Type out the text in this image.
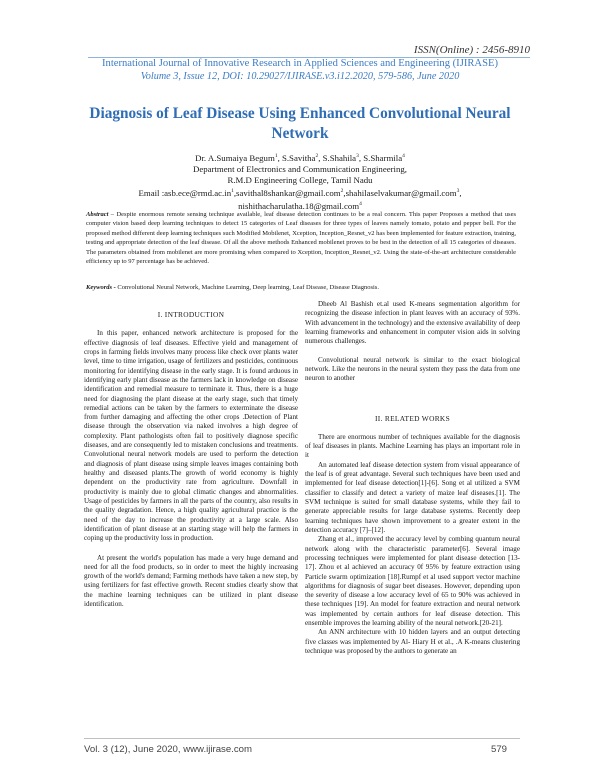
ISSN(Online) : 2456-8910
International Journal of Innovative Research in Applied Sciences and Engineering (IJIRASE)
Volume 3, Issue 12, DOI: 10.29027/IJIRASE.v3.i12.2020, 579-586, June 2020
Diagnosis of Leaf Disease Using Enhanced Convolutional Neural Network
Dr. A.Sumaiya Begum$^1$, S.Savitha$^2$, S.Shahila$^3$, S.Sharmila$^4$
Department of Electronics and Communication Engineering,
R.M.D Engineering College, Tamil Nadu
Email $:asb.ece@rmd.ac.in^1,savithal8shankar@gmail.com^2,shahilaselvakumar@gmail.com^3$,
nishithacharulatha.18@gmail.com$^4$
Abstract – Despite enormous remote sensing technique available, leaf disease detection continues to be a real concern. This paper Proposes a method that uses computer vision based deep learning techniques to detect 15 categories of Leaf diseases for three types of leaves namely tomato, potato and pepper bell. For the proposed method different deep learning techniques such Modified Mobilenet, Xception, Inception_Resnet_v2 has been implemented for feature extraction, training, testing and appropriate detection of the leaf disease. Of all the above methods Enhanced mobilenet proves to be best in the detection of all 15 categories of diseases. The parameters obtained from mobilenet are more promising when compared to Xception, Inception_Resnet_v2. Using the state-of-the-art architecture considerable efficiency up to 97 percentage has be achieved.
Keywords - Convolutional Neural Network, Machine Learning, Deep learning, Leaf Disease, Disease Diagnosis.

I. INTRODUCTION

In this paper, enhanced network architecture is proposed for the effective diagnosis of leaf diseases. Effective yield and management of crops in farming fields involves many process like check over plants water level, time to time irrigation, usage of fertilizers and pesticides, continuous monitoring for identifying disease in the early stage. It is found arduous in identifying early plant disease as the farmers lack in knowledge on disease identification and remedial measure to terminate it. Thus, there is a huge need for diagnosing the plant disease at the early stage, such that timely remedial actions can be taken by the farmers to exterminate the disease from further damaging and affecting the other crops .Detection of Plant disease through the observation via naked involves a high degree of complexity. Plant pathologists often fail to positively diagnose specific diseases, and are consequently led to mistaken conclusions and treatments. Convolutional neural network models are used to perform the detection and diagnosis of plant disease using simple leaves images containing both healthy and diseased plants.The growth of world economy is highly dependent on the productivity rate from agriculture. Downfall in productivity is mainly due to global climatic changes and abnormalities. Usage of pesticides by farmers in all the parts of the country, also results in the quality degradation. Hence, a high quality agricultural practice is the need of the day to increase the productivity at a large scale. Also identification of plant disease at an starting stage will help the farmers in coping up the productivity loss in production.

At present the world's population has made a very huge demand and need for all the food products, so in order to meet the highly increasing growth of the world's demand; Farming methods have taken a new step, by using fertilizers for fast effective growth. Recent studies clearly show that the machine learning techniques can be utilized in plant disease identification.

Dheeb Al Bashish et.al used K-means segmentation algorithm for recognizing the disease infection in plant leaves with an accuracy of 93%. With advancement in the technology) and the extensive availability of deep learning frameworks and enhancement in computer vision aids in solving numerous challenges.

Convolutional neural network is similar to the exact biological network. Like the neurons in the neural system they pass the data from one neuron to another

II. RELATED WORKS

There are enormous number of techniques available for the diagnosis of leaf diseases in plants. Machine Learning has plays an important role in it

An automated leaf disease detection system from visual appearance of the leaf is of great advantage. Several such techniques have been used and implemented for leaf disease detection[1]-[6]. Song et al utilized a SVM classifier to classify and detect a variety of maize leaf diseases.[1]. The SVM technique is suited for small database systems, while they fail to generate appreciable results for large database systems. Recently deep learning techniques have shown improvement to a greater extent in the detection accuracy [7]–[12].

Zhang et al., improved the accuracy level by combing quantum neural network along with the characteristic parameter[6]. Several image processing techniques were implemented for plant disease detection [13-17]. Zhou et al achieved an accuracy 0f 95% by feature extraction using Particle swarm optimization [18].Rumpf et al used support vector machine algorithms for diagnosis of sugar beet diseases. However, depending upon the severity of disease a low accuracy level of 65 to 90% was achieved in these techniques [19]. An model for feature extraction and neural network was implemented by certain authors for leaf disease detection. This ensemble improves the learning ability of the neural network.[20-21].

An ANN architecture with 10 hidden layers and an output detecting five classes was implemented by Al- Hiary H et al., .A K-means clustering technique was proposed by the authors to generate an

Vol. 3 (12), June 2020, www.ijirase.com	579
